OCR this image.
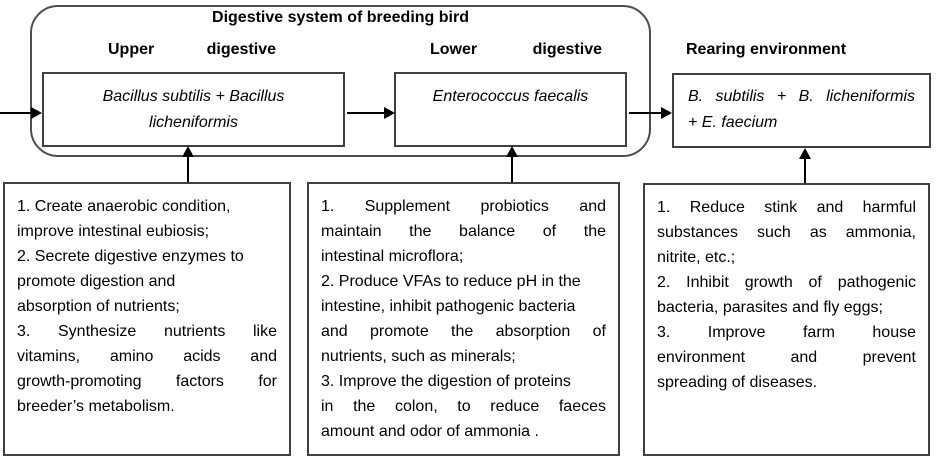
Digestive system of breeding bird
Upper	digestive	Lower	digestive	Rearing environment
Bacillus subtilis + Bacillus
licheniformis
Enterococcus faecalis	B. subtilis + B. licheniformis
+ E. faecium
1. Create anaerobic condition,
improve intestinal eubiosis;
2. Secrete digestive enzymes to
promote digestion and
absorption of nutrients;
3. Synthesize nutrients like
vitamins, amino acids and
growth-promoting factors for
breeder’s metabolism.
1. Supplement probiotics and
maintain the balance of the
intestinal microflora;
2. Produce VFAs to reduce pH in the
intestine, inhibit pathogenic bacteria
and promote the absorption of
nutrients, such as minerals;
3. Improve the digestion of proteins
in the colon, to reduce faeces
amount and odor of ammonia .
1. Reduce stink and harmful
substances such as ammonia,
nitrite, etc.;
2. Inhibit growth of pathogenic
bacteria, parasites and fly eggs;
3. Improve farm house
environment and prevent
spreading of diseases.
